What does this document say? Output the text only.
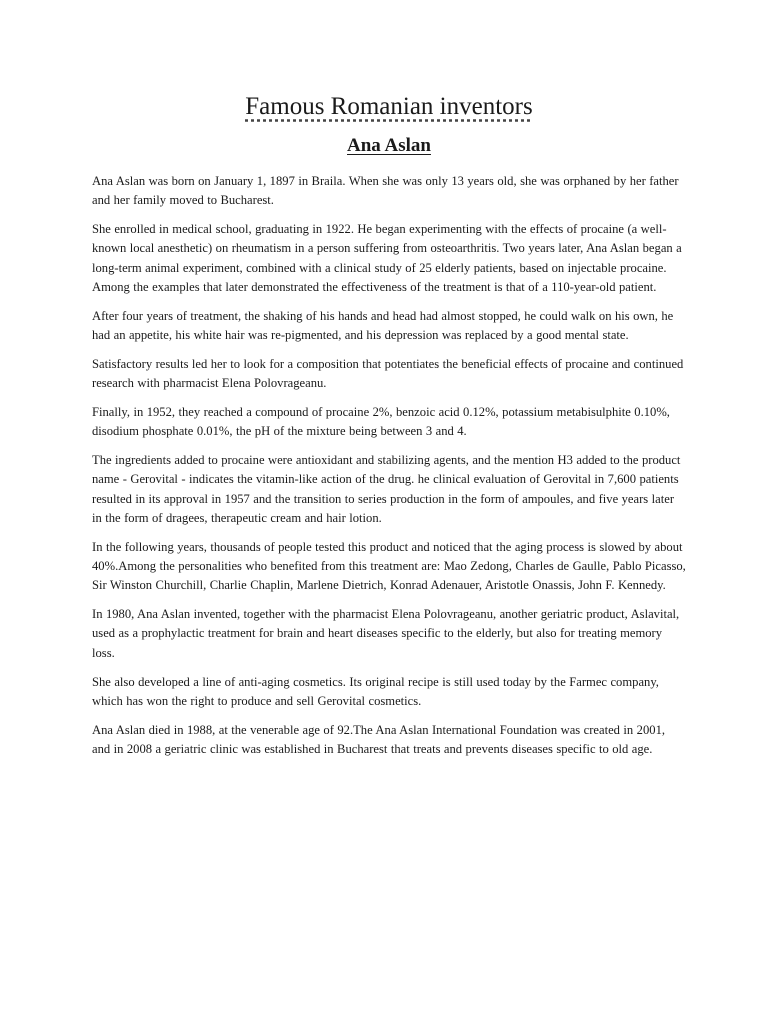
Famous Romanian inventors
Ana Aslan

Ana Aslan was born on January 1, 1897 in Braila. When she was only 13 years old, she was orphaned by her father and her family moved to Bucharest.

She enrolled in medical school, graduating in 1922. He began experimenting with the effects of procaine (a well-known local anesthetic) on rheumatism in a person suffering from osteoarthritis. Two years later, Ana Aslan began a long-term animal experiment, combined with a clinical study of 25 elderly patients, based on injectable procaine. Among the examples that later demonstrated the effectiveness of the treatment is that of a 110-year-old patient.

After four years of treatment, the shaking of his hands and head had almost stopped, he could walk on his own, he had an appetite, his white hair was re-pigmented, and his depression was replaced by a good mental state.

Satisfactory results led her to look for a composition that potentiates the beneficial effects of procaine and continued research with pharmacist Elena Polovrageanu.

Finally, in 1952, they reached a compound of procaine 2%, benzoic acid 0.12%, potassium metabisulphite 0.10%, disodium phosphate 0.01%, the pH of the mixture being between 3 and 4.

The ingredients added to procaine were antioxidant and stabilizing agents, and the mention H3 added to the product name - Gerovital - indicates the vitamin-like action of the drug. he clinical evaluation of Gerovital in 7,600 patients resulted in its approval in 1957 and the transition to series production in the form of ampoules, and five years later in the form of dragees, therapeutic cream and hair lotion.

In the following years, thousands of people tested this product and noticed that the aging process is slowed by about 40%.Among the personalities who benefited from this treatment are: Mao Zedong, Charles de Gaulle, Pablo Picasso, Sir Winston Churchill, Charlie Chaplin, Marlene Dietrich, Konrad Adenauer, Aristotle Onassis, John F. Kennedy.

In 1980, Ana Aslan invented, together with the pharmacist Elena Polovrageanu, another geriatric product, Aslavital, used as a prophylactic treatment for brain and heart diseases specific to the elderly, but also for treating memory loss.

She also developed a line of anti-aging cosmetics. Its original recipe is still used today by the Farmec company, which has won the right to produce and sell Gerovital cosmetics.

Ana Aslan died in 1988, at the venerable age of 92.The Ana Aslan International Foundation was created in 2001, and in 2008 a geriatric clinic was established in Bucharest that treats and prevents diseases specific to old age.
